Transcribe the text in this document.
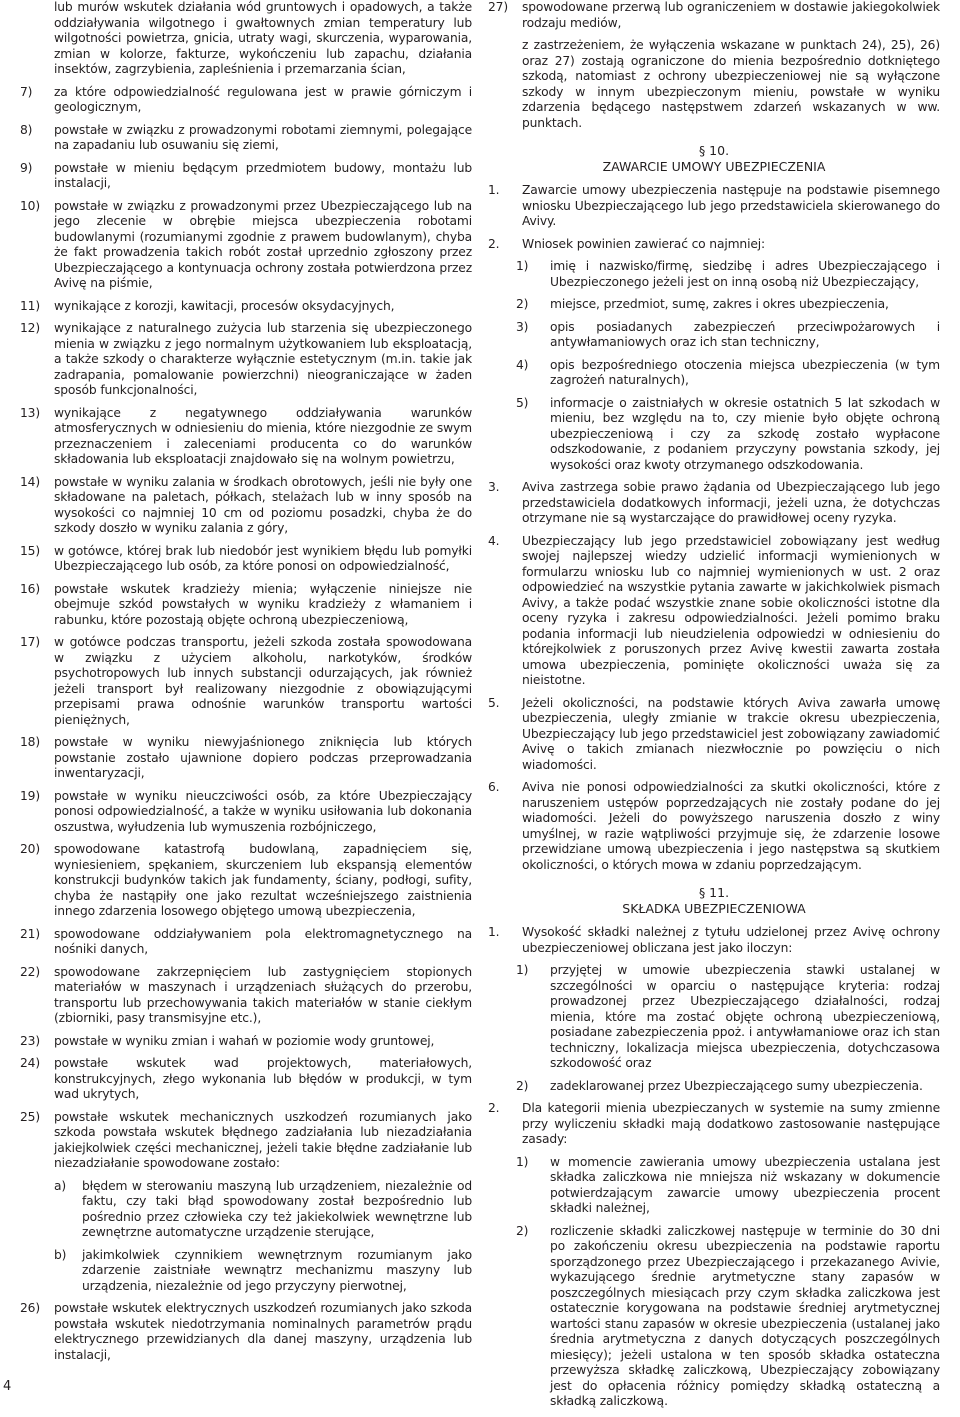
lub murów wskutek działania wód gruntowych i opadowych, a także oddziaływania wilgotnego i gwałtownych zmian temperatury lub wilgotności powietrza, gnicia, utraty wagi, skurczenia, wyparowania, zmian w kolorze, fakturze, wykończeniu lub zapachu, działania insektów, zagrzybienia, zapleśnienia i przemarzania ścian,

7) za które odpowiedzialność regulowana jest w prawie górniczym i geologicznym,

8) powstałe w związku z prowadzonymi robotami ziemnymi, polegające na zapadaniu lub osuwaniu się ziemi,

9) powstałe w mieniu będącym przedmiotem budowy, montażu lub instalacji,

10) powstałe w związku z prowadzonymi przez Ubezpieczającego lub na jego zlecenie w obrębie miejsca ubezpieczenia robotami budowlanymi (rozumianymi zgodnie z prawem budowlanym), chyba że fakt prowadzenia takich robót został uprzednio zgłoszony przez Ubezpieczającego a kontynuacja ochrony została potwierdzona przez Avivę na piśmie,

11) wynikające z korozji, kawitacji, procesów oksydacyjnych,

12) wynikające z naturalnego zużycia lub starzenia się ubezpieczonego mienia w związku z jego normalnym użytkowaniem lub eksploatacją, a także szkody o charakterze wyłącznie estetycznym (m.in. takie jak zadrapania, pomalowanie powierzchni) nieograniczające w żaden sposób funkcjonalności,

13) wynikające z negatywnego oddziaływania warunków atmosferycznych w odniesieniu do mienia, które niezgodnie ze swym przeznaczeniem i zaleceniami producenta co do warunków składowania lub eksploatacji znajdowało się na wolnym powietrzu,

14) powstałe w wyniku zalania w środkach obrotowych, jeśli nie były one składowane na paletach, półkach, stelażach lub w inny sposób na wysokości co najmniej 10 cm od poziomu posadzki, chyba że do szkody doszło w wyniku zalania z góry,

15) w gotówce, której brak lub niedobór jest wynikiem błędu lub pomyłki Ubezpieczającego lub osób, za które ponosi on odpowiedzialność,

16) powstałe wskutek kradzieży mienia; wyłączenie niniejsze nie obejmuje szkód powstałych w wyniku kradzieży z włamaniem i rabunku, które pozostają objęte ochroną ubezpieczeniową,

17) w gotówce podczas transportu, jeżeli szkoda została spowodowana w związku z użyciem alkoholu, narkotyków, środków psychotropowych lub innych substancji odurzających, jak również jeżeli transport był realizowany niezgodnie z obowiązującymi przepisami prawa odnośnie warunków transportu wartości pieniężnych,

18) powstałe w wyniku niewyjaśnionego zniknięcia lub których powstanie zostało ujawnione dopiero podczas przeprowadzania inwentaryzacji,

19) powstałe w wyniku nieuczciwości osób, za które Ubezpieczający ponosi odpowiedzialność, a także w wyniku usiłowania lub dokonania oszustwa, wyłudzenia lub wymuszenia rozbójniczego,

20) spowodowane katastrofą budowlaną, zapadnięciem się, wyniesieniem, spękaniem, skurczeniem lub ekspansją elementów konstrukcji budynków takich jak fundamenty, ściany, podłogi, sufity, chyba że nastąpiły one jako rezultat wcześniejszego zaistnienia innego zdarzenia losowego objętego umową ubezpieczenia,

21) spowodowane oddziaływaniem pola elektromagnetycznego na nośniki danych,

22) spowodowane zakrzepnięciem lub zastygnięciem stopionych materiałów w maszynach i urządzeniach służących do przerobu, transportu lub przechowywania takich materiałów w stanie ciekłym (zbiorniki, pasy transmisyjne etc.),

23) powstałe w wyniku zmian i wahań w poziomie wody gruntowej,

24) powstałe wskutek wad projektowych, materiałowych, konstrukcyjnych, złego wykonania lub błędów w produkcji, w tym wad ukrytych,

25) powstałe wskutek mechanicznych uszkodzeń rozumianych jako szkoda powstała wskutek błędnego zadziałania lub niezadziałania jakiejkolwiek części mechanicznej, jeżeli takie błędne zadziałanie lub niezadziałanie spowodowane zostało:

a) błędem w sterowaniu maszyną lub urządzeniem, niezależnie od faktu, czy taki błąd spowodowany został bezpośrednio lub pośrednio przez człowieka czy też jakiekolwiek wewnętrzne lub zewnętrzne automatyczne urządzenie sterujące,

b) jakimkolwiek czynnikiem wewnętrznym rozumianym jako zdarzenie zaistniałe wewnątrz mechanizmu maszyny lub urządzenia, niezależnie od jego przyczyny pierwotnej,

26) powstałe wskutek elektrycznych uszkodzeń rozumianych jako szkoda powstała wskutek niedotrzymania nominalnych parametrów prądu elektrycznego przewidzianych dla danej maszyny, urządzenia lub instalacji,

27) spowodowane przerwą lub ograniczeniem w dostawie jakiegokolwiek rodzaju mediów,

z zastrzeżeniem, że wyłączenia wskazane w punktach 24), 25), 26) oraz 27) zostają ograniczone do mienia bezpośrednio dotkniętego szkodą, natomiast z ochrony ubezpieczeniowej nie są wyłączone szkody w innym ubezpieczonym mieniu, powstałe w wyniku zdarzenia będącego następstwem zdarzeń wskazanych w ww. punktach.

§ 10.

ZAWARCIE UMOWY UBEZPIECZENIA

1. Zawarcie umowy ubezpieczenia następuje na podstawie pisemnego wniosku Ubezpieczającego lub jego przedstawiciela skierowanego do Avivy.

2. Wniosek powinien zawierać co najmniej:

1) imię i nazwisko/firmę, siedzibę i adres Ubezpieczającego i Ubezpieczonego jeżeli jest on inną osobą niż Ubezpieczający,

2) miejsce, przedmiot, sumę, zakres i okres ubezpieczenia,

3) opis posiadanych zabezpieczeń przeciwpożarowych i antywłamaniowych oraz ich stan techniczny,

4) opis bezpośredniego otoczenia miejsca ubezpieczenia (w tym zagrożeń naturalnych),

5) informacje o zaistniałych w okresie ostatnich 5 lat szkodach w mieniu, bez względu na to, czy mienie było objęte ochroną ubezpieczeniową i czy za szkodę zostało wypłacone odszkodowanie, z podaniem przyczyny powstania szkody, jej wysokości oraz kwoty otrzymanego odszkodowania.

3. Aviva zastrzega sobie prawo żądania od Ubezpieczającego lub jego przedstawiciela dodatkowych informacji, jeżeli uzna, że dotychczas otrzymane nie są wystarczające do prawidłowej oceny ryzyka.

4. Ubezpieczający lub jego przedstawiciel zobowiązany jest według swojej najlepszej wiedzy udzielić informacji wymienionych w formularzu wniosku lub co najmniej wymienionych w ust. 2 oraz odpowiedzieć na wszystkie pytania zawarte w jakichkolwiek pismach Avivy, a także podać wszystkie znane sobie okoliczności istotne dla oceny ryzyka i zakresu odpowiedzialności. Jeżeli pomimo braku podania informacji lub nieudzielenia odpowiedzi w odniesieniu do którejkolwiek z poruszonych przez Avivę kwestii zawarta została umowa ubezpieczenia, pominięte okoliczności uważa się za nieistotne.

5. Jeżeli okoliczności, na podstawie których Aviva zawarła umowę ubezpieczenia, uległy zmianie w trakcie okresu ubezpieczenia, Ubezpieczający lub jego przedstawiciel jest zobowiązany zawiadomić Avivę o takich zmianach niezwłocznie po powzięciu o nich wiadomości.

6. Aviva nie ponosi odpowiedzialności za skutki okoliczności, które z naruszeniem ustępów poprzedzających nie zostały podane do jej wiadomości. Jeżeli do powyższego naruszenia doszło z winy umyślnej, w razie wątpliwości przyjmuje się, że zdarzenie losowe przewidziane umową ubezpieczenia i jego następstwa są skutkiem okoliczności, o których mowa w zdaniu poprzedzającym.

§ 11.

SKŁADKA UBEZPIECZENIOWA

1. Wysokość składki należnej z tytułu udzielonej przez Avivę ochrony ubezpieczeniowej obliczana jest jako iloczyn:

1) przyjętej w umowie ubezpieczenia stawki ustalanej w szczególności w oparciu o następujące kryteria: rodzaj prowadzonej przez Ubezpieczającego działalności, rodzaj mienia, które ma zostać objęte ochroną ubezpieczeniową, posiadane zabezpieczenia ppoż. i antywłamaniowe oraz ich stan techniczny, lokalizacja miejsca ubezpieczenia, dotychczasowa szkodowość oraz

2) zadeklarowanej przez Ubezpieczającego sumy ubezpieczenia.

2. Dla kategorii mienia ubezpieczanych w systemie na sumy zmienne przy wyliczeniu składki mają dodatkowo zastosowanie następujące zasady:

1) w momencie zawierania umowy ubezpieczenia ustalana jest składka zaliczkowa nie mniejsza niż wskazany w dokumencie potwierdzającym zawarcie umowy ubezpieczenia procent składki należnej,

2) rozliczenie składki zaliczkowej następuje w terminie do 30 dni po zakończeniu okresu ubezpieczenia na podstawie raportu sporządzonego przez Ubezpieczającego i przekazanego Avivie, wykazującego średnie arytmetyczne stany zapasów w poszczególnych miesiącach przy czym składka zaliczkowa jest ostatecznie korygowana na podstawie średniej arytmetycznej wartości stanu zapasów w okresie ubezpieczenia (ustalanej jako średnia arytmetyczna z danych dotyczących poszczególnych miesięcy); jeżeli ustalona w ten sposób składka ostateczna przewyższa składkę zaliczkową, Ubezpieczający zobowiązany jest do opłacenia różnicy pomiędzy składką ostateczną a składką zaliczkową.

4
